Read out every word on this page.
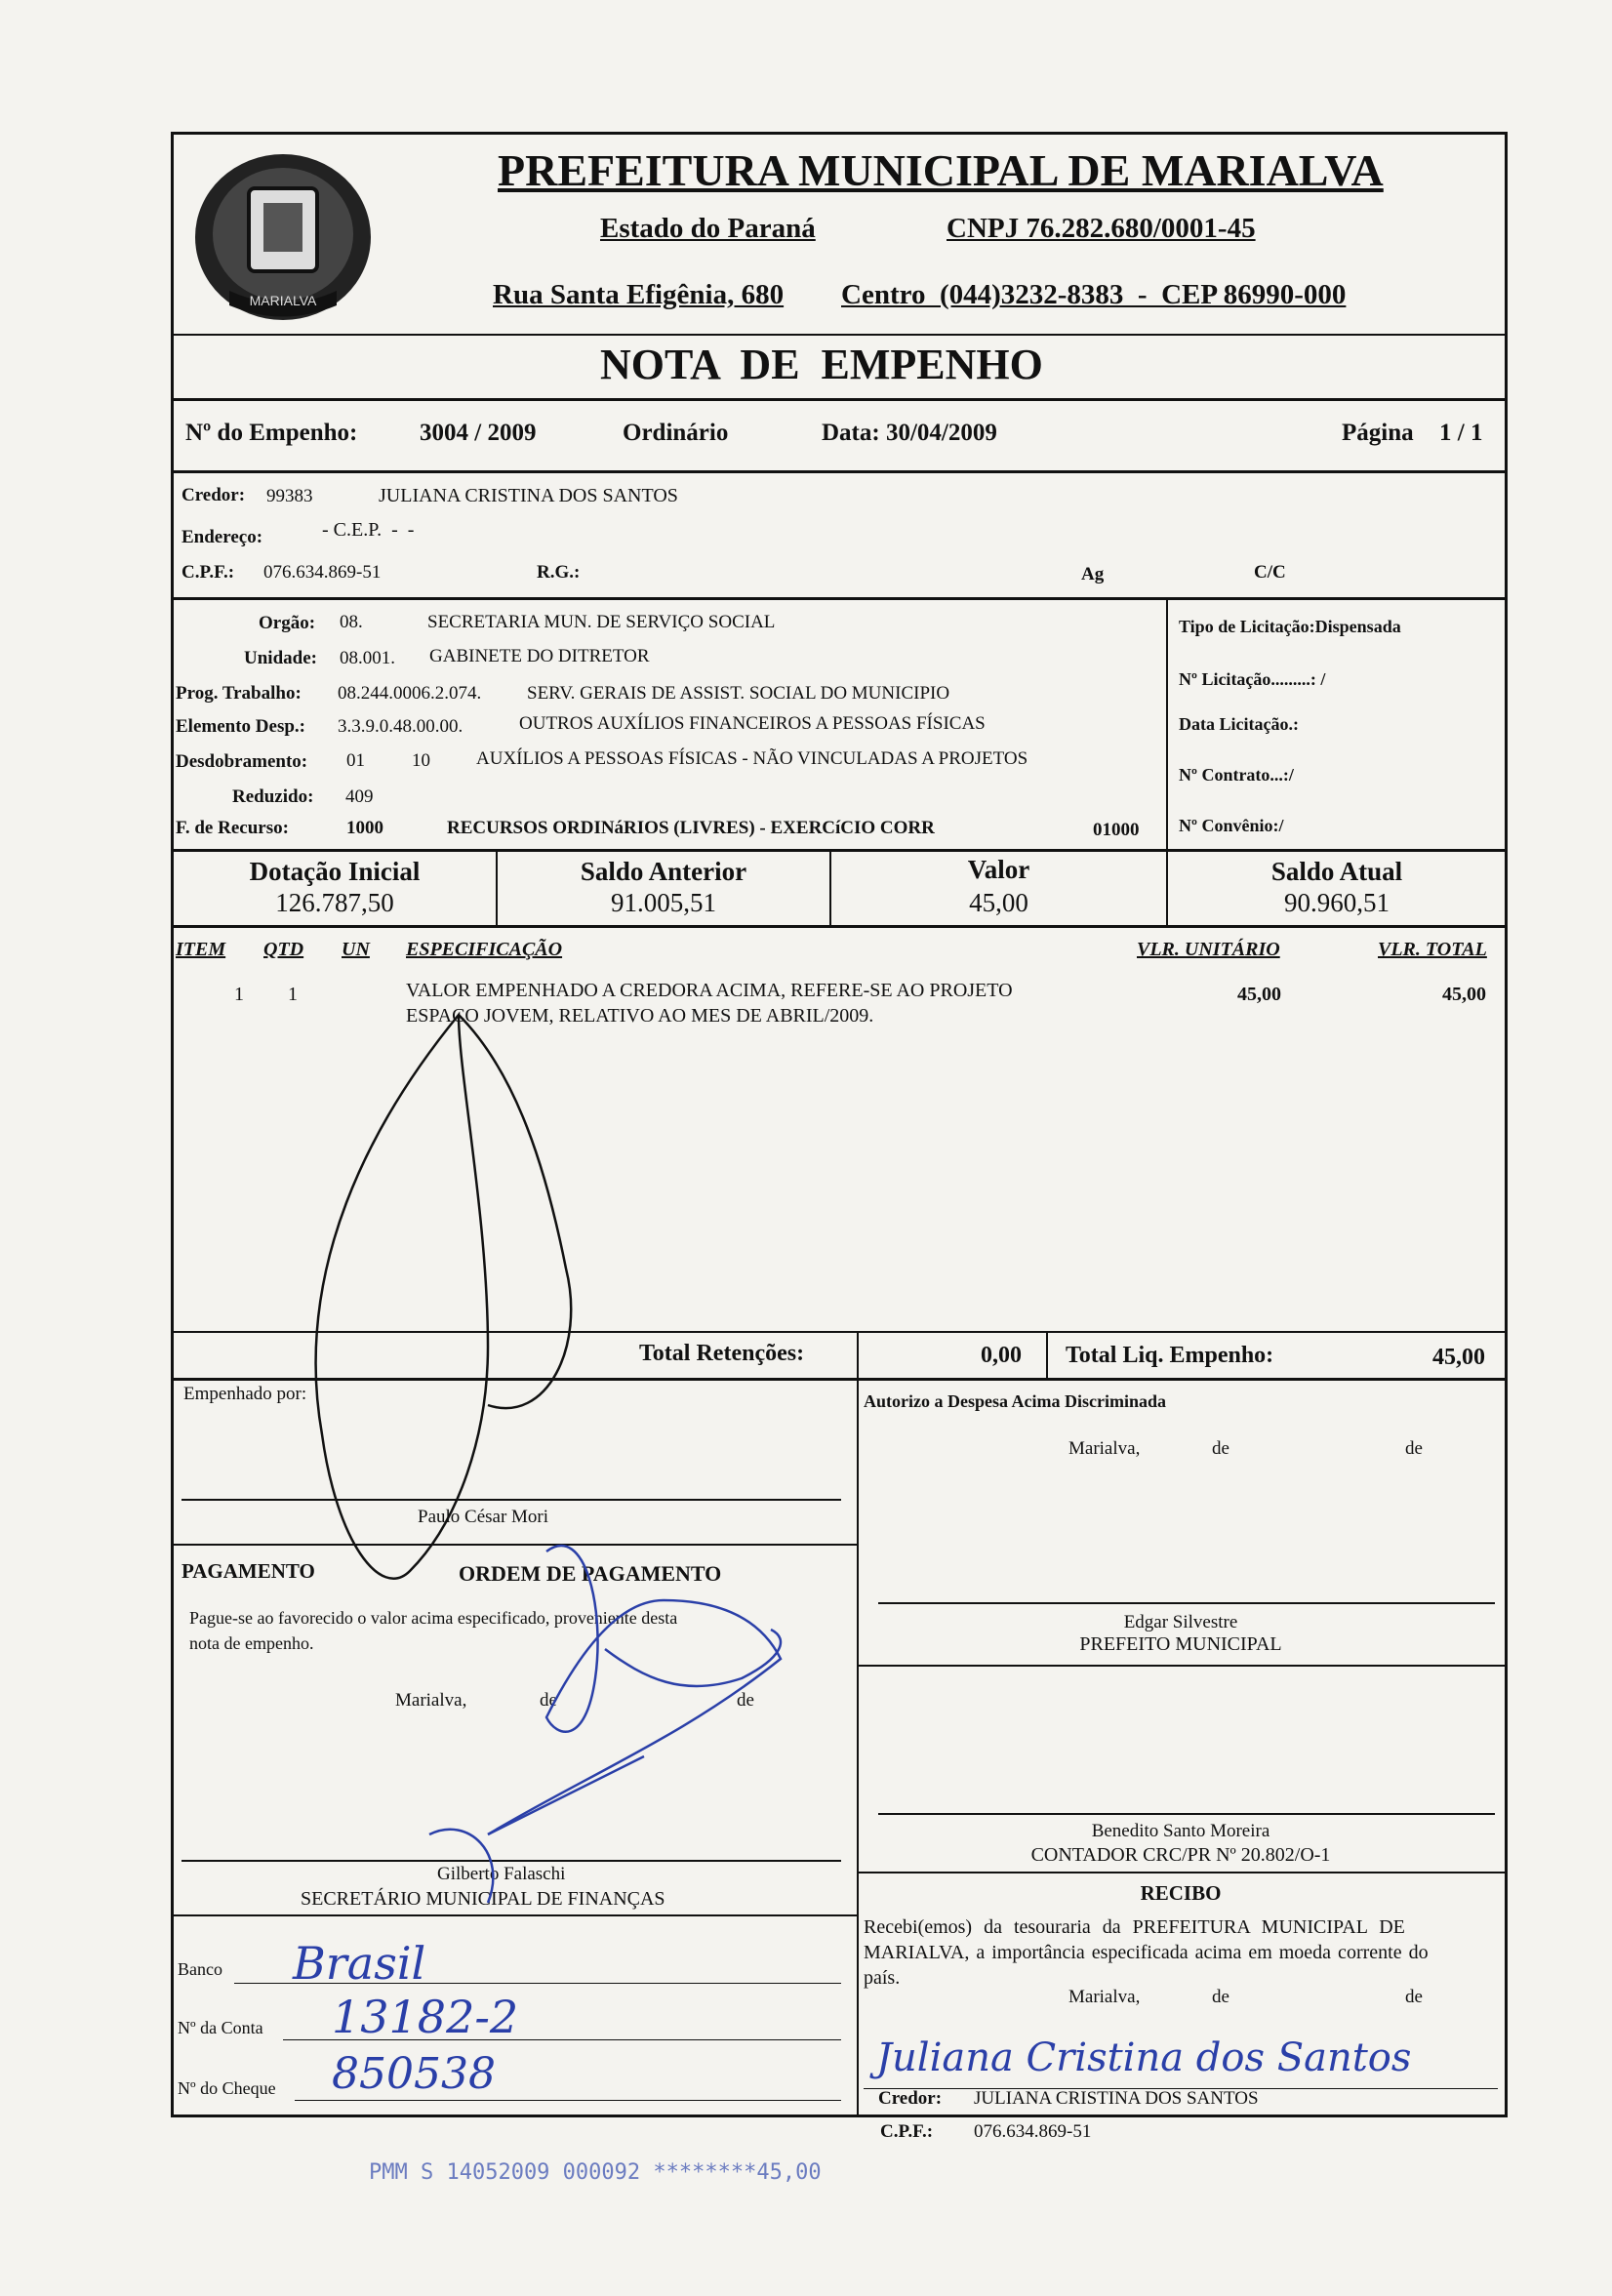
MARIALVA
PREFEITURA MUNICIPAL DE MARIALVA
Estado do Paraná	CNPJ 76.282.680/0001-45
Rua Santa Efigênia, 680 Centro  (044)3232-8383  -  CEP 86990-000
NOTA  DE  EMPENHO
Nº do Empenho:	3004 / 2009	Ordinário	Data: 30/04/2009	Página 1 / 1
Credor: 99383	JULIANA CRISTINA DOS SANTOS
Endereço:	- C.E.P.  -  -
C.P.F.: 076.634.869-51	R.G.:	Ag	C/C
Orgão: 08.	SECRETARIA MUN. DE SERVIÇO SOCIAL
Unidade: 08.001. GABINETE DO DITRETOR
Prog. Trabalho: 08.244.0006.2.074. SERV. GERAIS DE ASSIST. SOCIAL DO MUNICIPIO
Elemento Desp.: 3.3.9.0.48.00.00.	OUTROS AUXÍLIOS FINANCEIROS A PESSOAS FÍSICAS
Desdobramento: 01	10 AUXÍLIOS A PESSOAS FÍSICAS - NÃO VINCULADAS A PROJETOS
Reduzido: 409
F. de Recurso:	1000	RECURSOS ORDINáRIOS (LIVRES) - EXERCíCIO CORR	01000
Tipo de Licitação:Dispensada
Nº Licitação.........: /
Data Licitação.:
Nº Contrato...:/
Nº Convênio:/
Dotação Inicial
126.787,50
Saldo Anterior
91.005,51
Valor
45,00
Saldo Atual
90.960,51
ITEM QTD UN ESPECIFICAÇÃO	VLR. UNITÁRIO	VLR. TOTAL
1 1	VALOR EMPENHADO A CREDORA ACIMA, REFERE-SE AO PROJETO
ESPACO JOVEM, RELATIVO AO MES DE ABRIL/2009.
45,00	45,00
Total Retenções:	0,00 Total Liq. Empenho:	45,00
Empenhado por:
Paulo César Mori
PAGAMENTO	ORDEM DE PAGAMENTO
Pague-se ao favorecido o valor acima especificado, proveniente desta
nota de empenho.
Marialva,	de	de
Gilberto Falaschi
SECRETÁRIO MUNICIPAL DE FINANÇAS
Banco Brasil
Nº da Conta 13182-2
Nº do Cheque 850538
Autorizo a Despesa Acima Discriminada
Marialva,	de	de
Edgar Silvestre
PREFEITO MUNICIPAL
Benedito Santo Moreira
CONTADOR CRC/PR Nº 20.802/O-1
RECIBO
Recebi(emos) da tesouraria da PREFEITURA MUNICIPAL DE
MARIALVA, a importância especificada acima em moeda corrente do
país.
Marialva,	de	de
Juliana Cristina dos Santos
Credor: JULIANA CRISTINA DOS SANTOS
C.P.F.: 076.634.869-51
PMM S 14052009 000092 ********45,00
